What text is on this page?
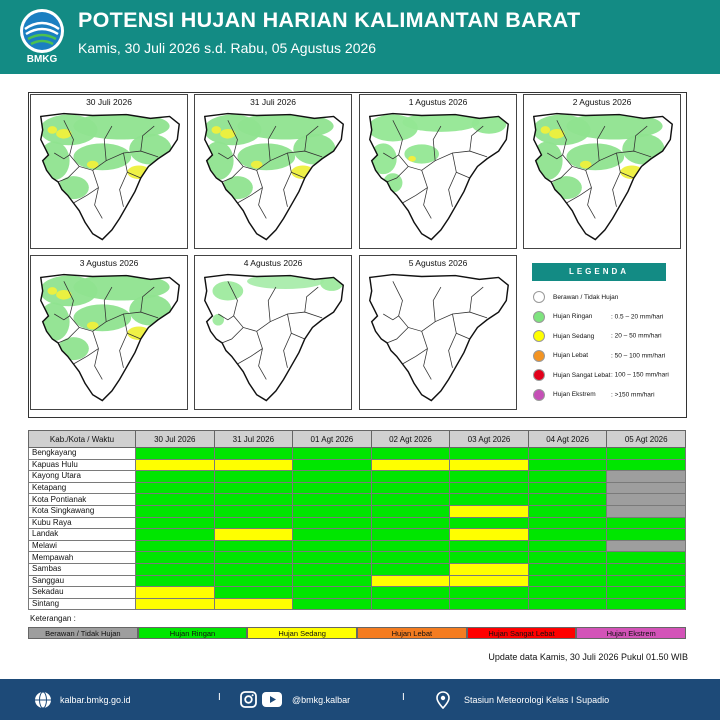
BMKG
POTENSI HUJAN HARIAN KALIMANTAN BARAT
Kamis, 30 Juli 2026 s.d. Rabu, 05 Agustus 2026
30 Juli 2026	31 Juli 2026	1 Agustus 2026	2 Agustus 2026
3 Agustus 2026	4 Agustus 2026	5 Agustus 2026
LEGENDA
Berawan / Tidak Hujan
Hujan Ringan	: 0.5 – 20 mm/hari
Hujan Sedang	: 20 – 50 mm/hari
Hujan Lebat	: 50 – 100 mm/hari
Hujan Sangat Lebat: 100 – 150 mm/hari
Hujan Ekstrem : >150 mm/hari
Kab./Kota / Waktu	30 Jul 2026	31 Jul 2026	01 Agt 2026	02 Agt 2026	03 Agt 2026	04 Agt 2026	05 Agt 2026
Bengkayang							
Kapuas Hulu							
Kayong Utara							
Ketapang							
Kota Pontianak							
Kota Singkawang							
Kubu Raya							
Landak							
Melawi							
Mempawah							
Sambas							
Sanggau							
Sekadau							
Sintang							
Keterangan :
Berawan / Tidak Hujan	Hujan Ringan	Hujan Sedang	Hujan Lebat	Hujan Sangat Lebat	Hujan Ekstrem
Update data Kamis, 30 Juli 2026 Pukul 01.50 WIB
kalbar.bmkg.go.id	I	@bmkg.kalbar	I	Stasiun Meteorologi Kelas I Supadio
